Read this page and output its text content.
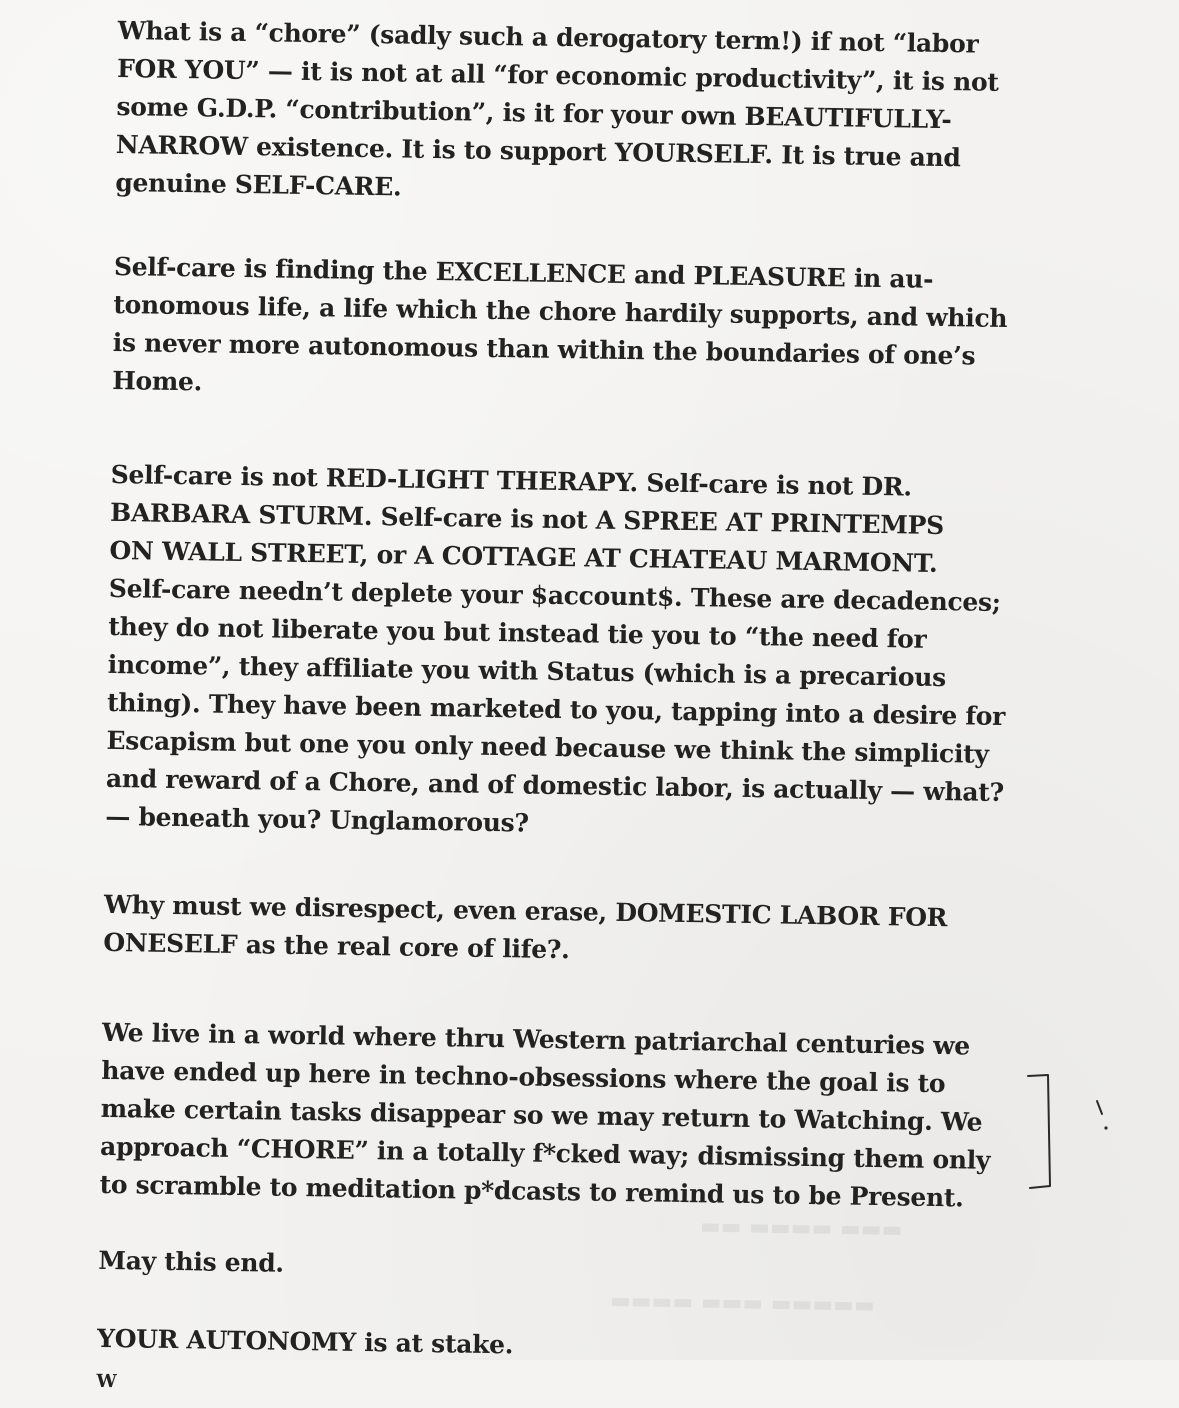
▬▬ ▬▬▬▬ ▬▬▬
▬▬▬▬ ▬▬▬ ▬▬▬▬▬

What is a “chore” (sadly such a derogatory term!) if not “labor
FOR YOU” — it is not at all “for economic productivity”, it is not
some G.D.P. “contribution”, is it for your own BEAUTIFULLY-
NARROW existence. It is to support YOURSELF. It is true and
genuine SELF-CARE.

Self-care is finding the EXCELLENCE and PLEASURE in au-
tonomous life, a life which the chore hardily supports, and which
is never more autonomous than within the boundaries of one’s
Home.

Self-care is not RED-LIGHT THERAPY. Self-care is not DR.
BARBARA STURM. Self-care is not A SPREE AT PRINTEMPS
ON WALL STREET, or A COTTAGE AT CHATEAU MARMONT.
Self-care needn’t deplete your $account$. These are decadences;
they do not liberate you but instead tie you to “the need for
income”, they affiliate you with Status (which is a precarious
thing). They have been marketed to you, tapping into a desire for
Escapism but one you only need because we think the simplicity
and reward of a Chore, and of domestic labor, is actually — what?
— beneath you? Unglamorous?

Why must we disrespect, even erase, DOMESTIC LABOR FOR
ONESELF as the real core of life?.

We live in a world where thru Western patriarchal centuries we
have ended up here in techno-obsessions where the goal is to
make certain tasks disappear so we may return to Watching. We
approach “CHORE” in a totally f*cked way; dismissing them only
to scramble to meditation p*dcasts to remind us to be Present.

May this end.

YOUR AUTONOMY is at stake.

W
